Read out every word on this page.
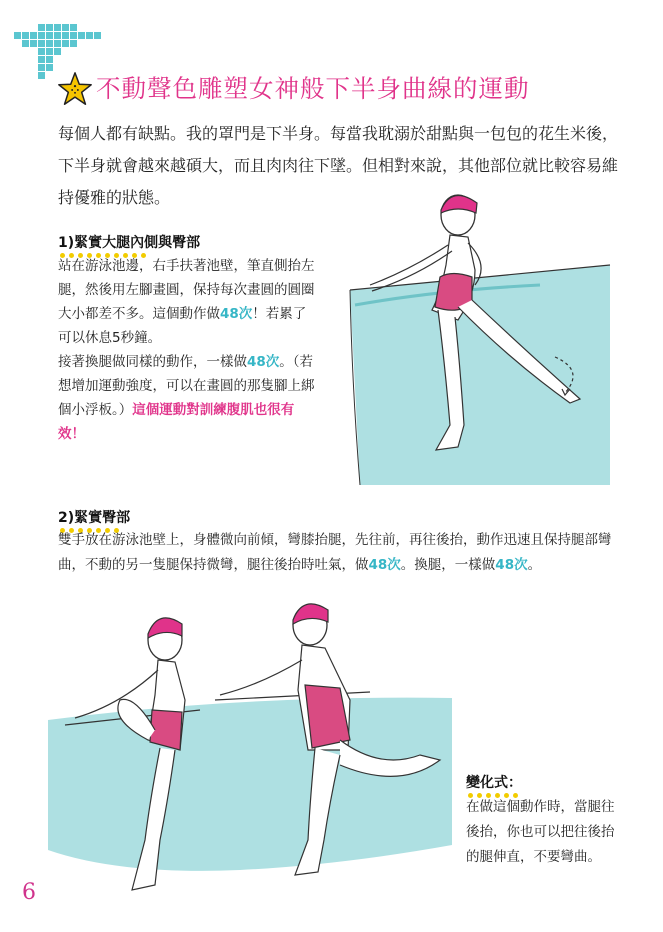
不動聲色雕塑女神般下半身曲線的運動

每個人都有缺點。我的罩門是下半身。每當我耽溺於甜點與一包包的花生米後，下半身就會越來越碩大，而且肉肉往下墜。但相對來說，其他部位就比較容易維持優雅的狀態。

1)緊實大腿內側與臀部

站在游泳池邊，右手扶著池壁，筆直側抬左腿，然後用左腳畫圓，保持每次畫圓的圓圈大小都差不多。這個動作做48次！若累了可以休息5秒鐘。
接著換腿做同樣的動作，一樣做48次。（若想增加運動強度，可以在畫圓的那隻腳上綁個小浮板。）這個運動對訓練腹肌也很有效！

2)緊實臀部

雙手放在游泳池壁上，身體微向前傾，彎膝抬腿，先往前，再往後抬，動作迅速且保持腿部彎曲，不動的另一隻腿保持微彎，腿往後抬時吐氣，做48次。換腿，一樣做48次。

變化式：

在做這個動作時，當腿往後抬，你也可以把往後抬的腿伸直，不要彎曲。

6
